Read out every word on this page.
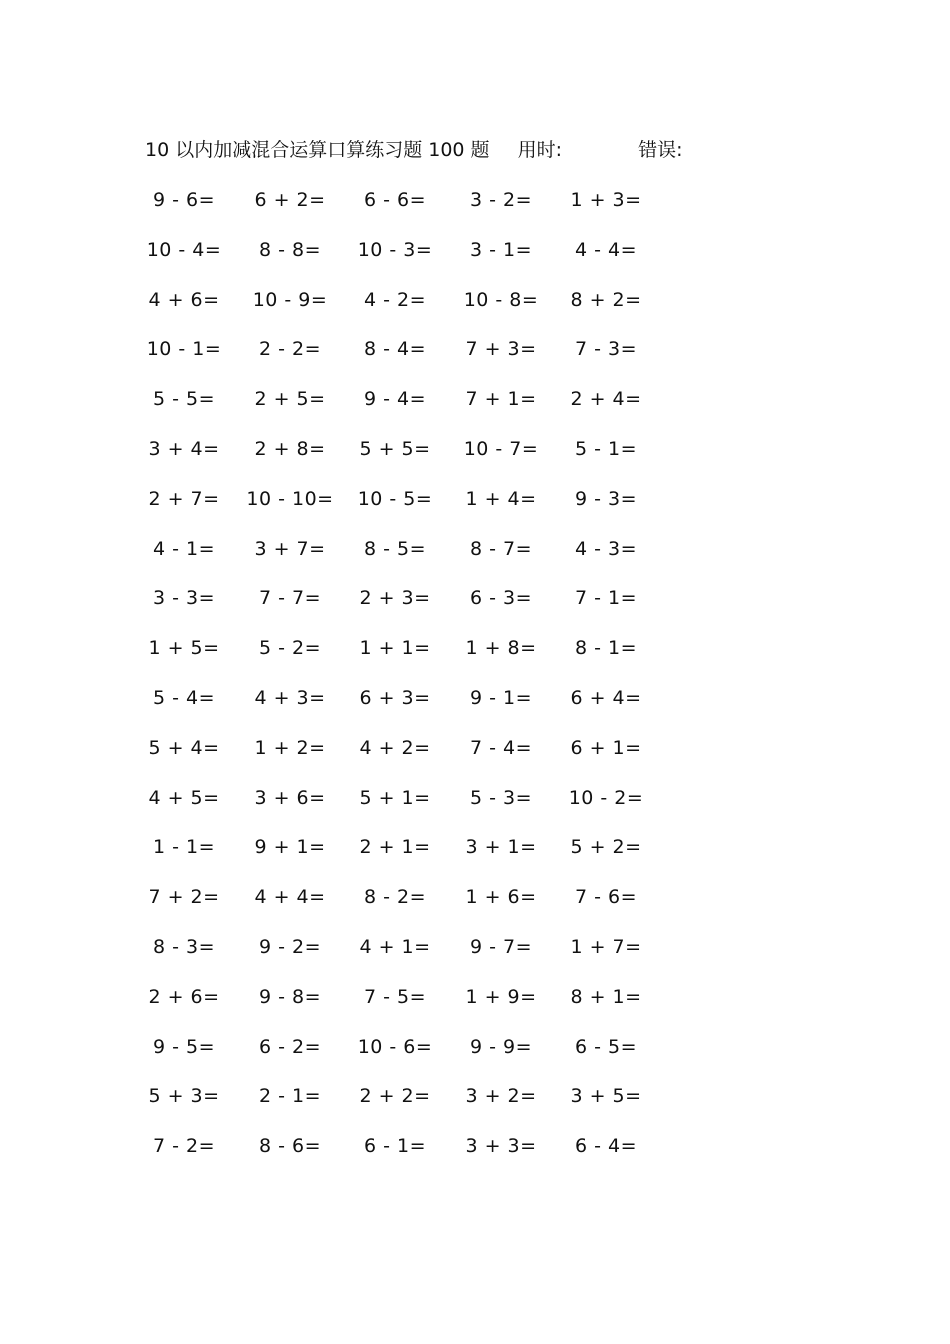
10 以内加减混合运算口算练习题 100 题 用时:	错误:
9 - 6= 6 + 2= 6 - 6= 3 - 2= 1 + 3=
10 - 4= 8 - 8= 10 - 3= 3 - 1= 4 - 4=
4 + 6= 10 - 9= 4 - 2= 10 - 8= 8 + 2=
10 - 1= 2 - 2= 8 - 4= 7 + 3= 7 - 3=
5 - 5= 2 + 5= 9 - 4= 7 + 1= 2 + 4=
3 + 4= 2 + 8= 5 + 5= 10 - 7= 5 - 1=
2 + 7= 10 - 10= 10 - 5= 1 + 4= 9 - 3=
4 - 1= 3 + 7= 8 - 5= 8 - 7= 4 - 3=
3 - 3= 7 - 7= 2 + 3= 6 - 3= 7 - 1=
1 + 5= 5 - 2= 1 + 1= 1 + 8= 8 - 1=
5 - 4= 4 + 3= 6 + 3= 9 - 1= 6 + 4=
5 + 4= 1 + 2= 4 + 2= 7 - 4= 6 + 1=
4 + 5= 3 + 6= 5 + 1= 5 - 3= 10 - 2=
1 - 1= 9 + 1= 2 + 1= 3 + 1= 5 + 2=
7 + 2= 4 + 4= 8 - 2= 1 + 6= 7 - 6=
8 - 3= 9 - 2= 4 + 1= 9 - 7= 1 + 7=
2 + 6= 9 - 8= 7 - 5= 1 + 9= 8 + 1=
9 - 5= 6 - 2= 10 - 6= 9 - 9= 6 - 5=
5 + 3= 2 - 1= 2 + 2= 3 + 2= 3 + 5=
7 - 2= 8 - 6= 6 - 1= 3 + 3= 6 - 4=
